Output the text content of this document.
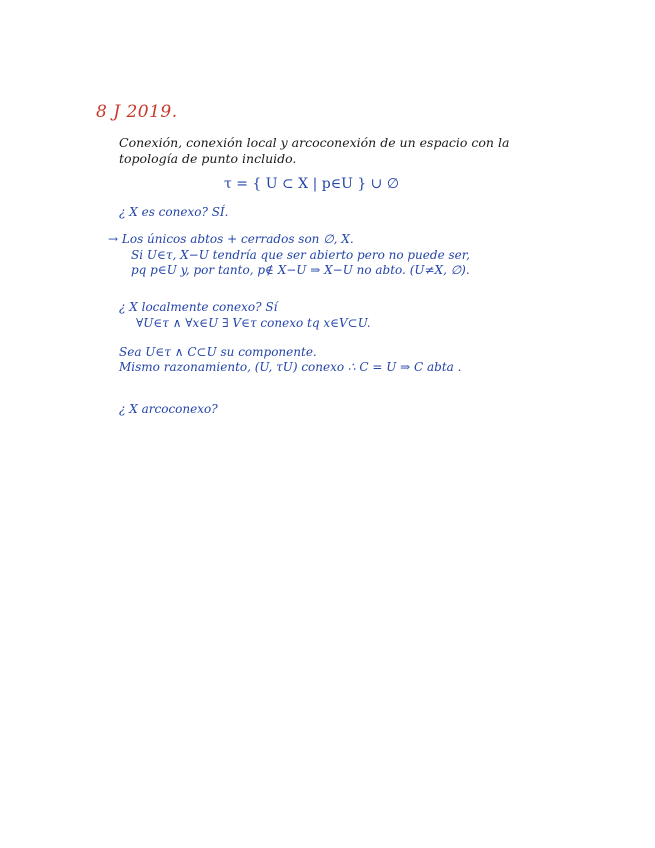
8 J 2019.
Conexión, conexión local y arcoconexión de un espacio con la
topología de punto incluido.
τ = { U ⊂ X | p∈U } ∪ ∅
¿ X es conexo? SÍ.
→ Los únicos abtos + cerrados son ∅, X.
Si U∈τ, X−U tendría que ser abierto pero no puede ser,
pq p∈U y, por tanto, p∉ X−U ⇒ X−U no abto. (U≠X, ∅).
¿ X localmente conexo? Sí
∀U∈τ ∧ ∀x∈U ∃ V∈τ conexo tq x∈V⊂U.
Sea U∈τ ∧ C⊂U su componente.
Mismo razonamiento, (U, τU) conexo ∴ C = U ⇒ C abta .
¿ X arcoconexo?
